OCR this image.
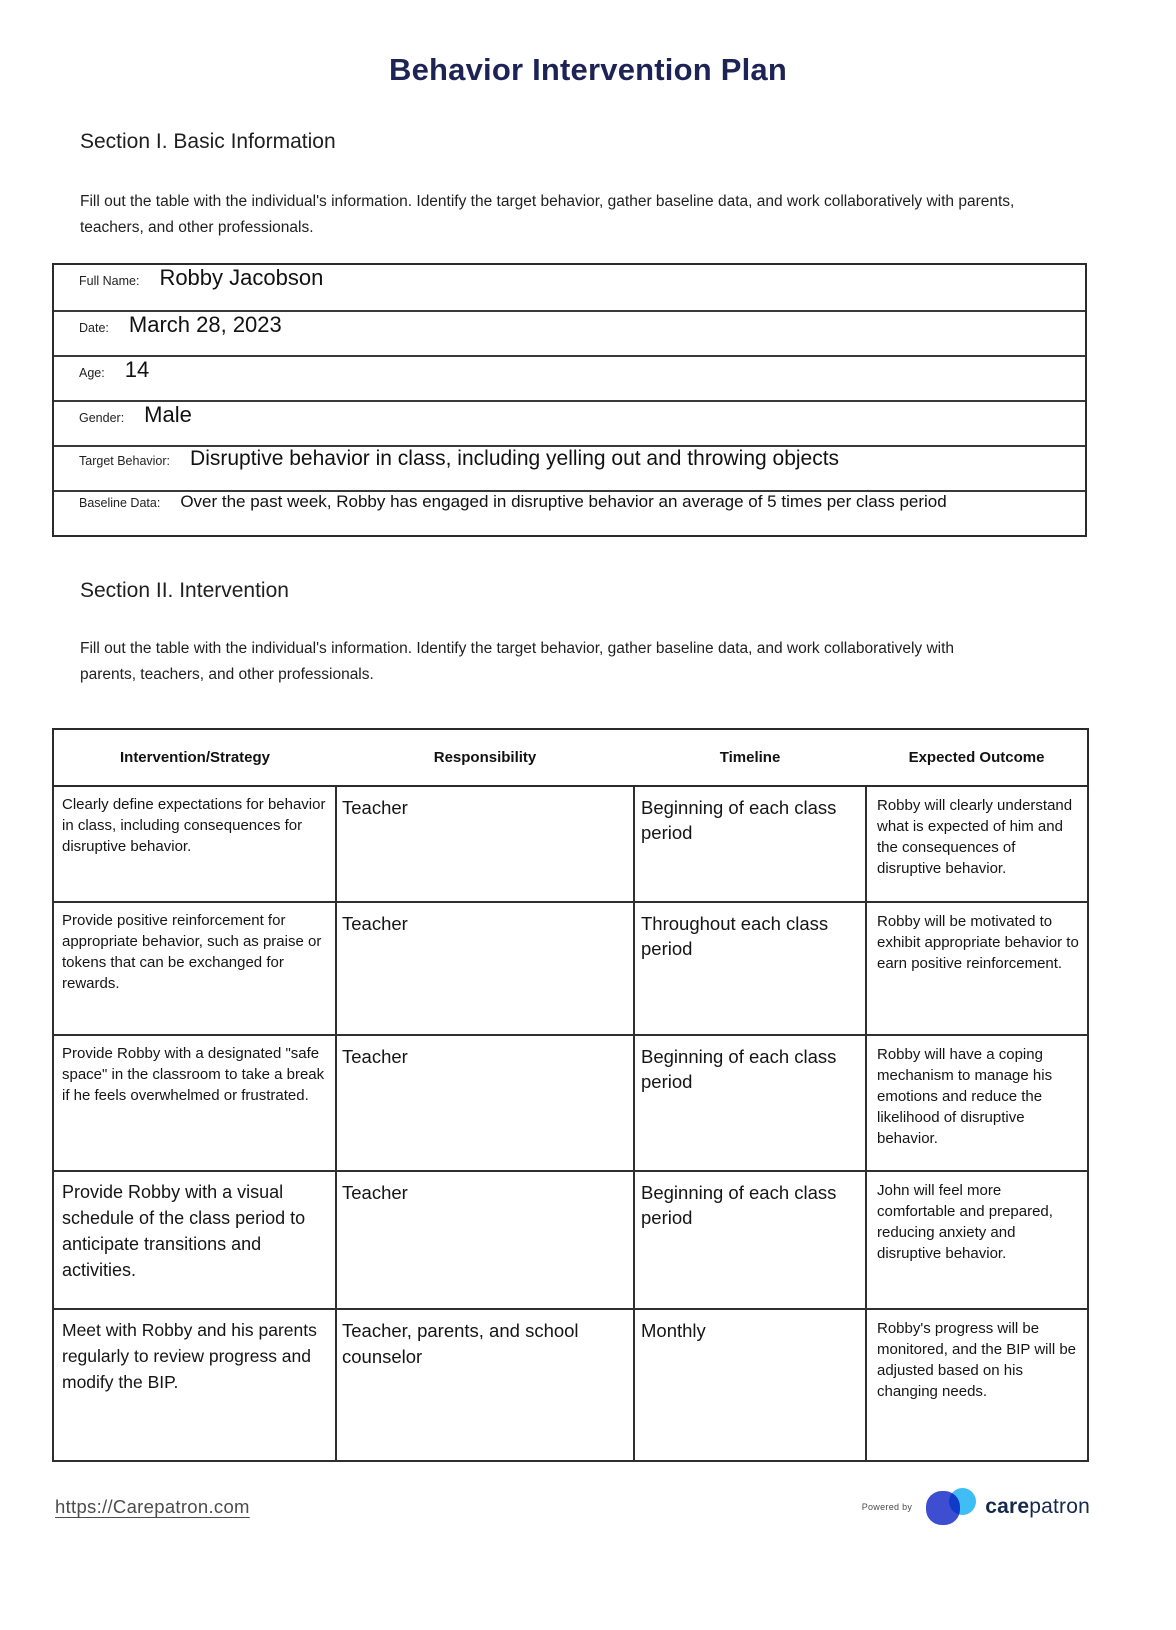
Behavior Intervention Plan
Section I. Basic Information

Fill out the table with the individual's information. Identify the target behavior, gather baseline data, and work collaboratively with parents, teachers, and other professionals.

Full Name: Robby Jacobson
Date: March 28, 2023
Age: 14
Gender: Male
Target Behavior: Disruptive behavior in class, including yelling out and throwing objects
Baseline Data: Over the past week, Robby has engaged in disruptive behavior an average of 5 times per class period
Section II. Intervention

Fill out the table with the individual's information. Identify the target behavior, gather baseline data, and work collaboratively with parents, teachers, and other professionals.

Intervention/Strategy	Responsibility	Timeline	Expected Outcome
Clearly define expectations for behavior in class, including consequences for disruptive behavior.	Teacher	Beginning of each class period	Robby will clearly understand what is expected of him and the consequences of disruptive behavior.
Provide positive reinforcement for appropriate behavior, such as praise or tokens that can be exchanged for rewards.	Teacher	Throughout each class period	Robby will be motivated to exhibit appropriate behavior to earn positive reinforcement.
Provide Robby with a designated "safe space" in the classroom to take a break if he feels overwhelmed or frustrated.	Teacher	Beginning of each class period	Robby will have a coping mechanism to manage his emotions and reduce the likelihood of disruptive behavior.
Provide Robby with a visual schedule of the class period to anticipate transitions and activities.	Teacher	Beginning of each class period	John will feel more comfortable and prepared, reducing anxiety and disruptive behavior.
Meet with Robby and his parents regularly to review progress and modify the BIP.	Teacher, parents, and school counselor	Monthly	Robby's progress will be monitored, and the BIP will be adjusted based on his changing needs.
https://Carepatron.com	Powered by	carepatron
